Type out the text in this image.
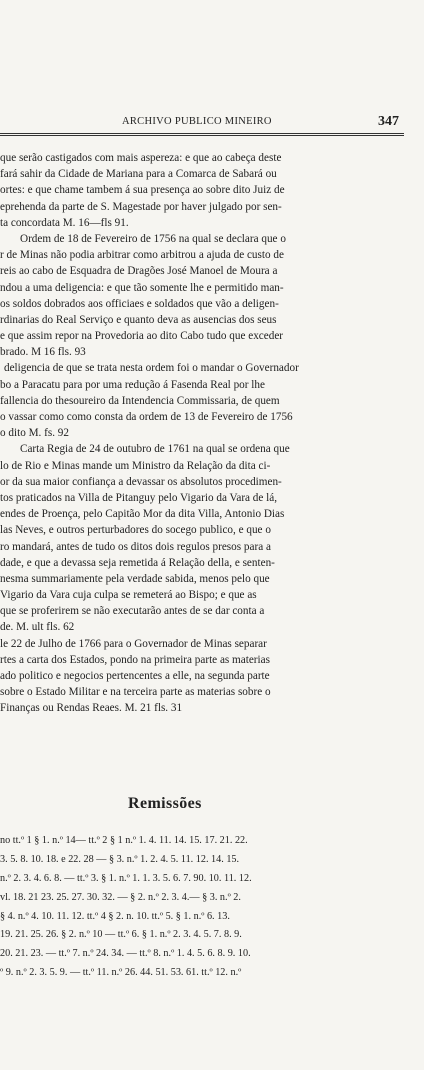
ARCHIVO PUBLICO MINEIRO	347
que serão castigados com mais aspereza: e que ao cabeça deste
fará sahir da Cidade de Mariana para a Comarca de Sabará ou
ortes: e que chame tambem á sua presença ao sobre dito Juiz de
eprehenda da parte de S. Magestade por haver julgado por sen-
ta concordata M. 16—fls 91.
Ordem de 18 de Fevereiro de 1756 na qual se declara que o
r de Minas não podia arbitrar como arbitrou a ajuda de custo de
reis ao cabo de Esquadra de Dragões José Manoel de Moura a
ndou a uma deligencia: e que tão somente lhe e permitido man-
os soldos dobrados aos officiaes e soldados que vão a deligen-
rdinarias do Real Serviço e quanto deva as ausencias dos seus
e que assim repor na Provedoria ao dito Cabo tudo que exceder
brado. M 16 fls. 93
deligencia de que se trata nesta ordem foi o mandar o Governador
bo a Paracatu para por uma redução á Fasenda Real por lhe
fallencia do thesoureiro da Intendencia Commissaria, de quem
o vassar como como consta da ordem de 13 de Fevereiro de 1756
o dito M. fs. 92
Carta Regia de 24 de outubro de 1761 na qual se ordena que
lo de Rio e Minas mande um Ministro da Relação da dita ci-
or da sua maior confiança a devassar os absolutos procedimen-
tos praticados na Villa de Pitanguy pelo Vigario da Vara de lá,
endes de Proença, pelo Capitão Mor da dita Villa, Antonio Dias
las Neves, e outros perturbadores do socego publico, e que o
ro mandará, antes de tudo os ditos dois regulos presos para a
dade, e que a devassa seja remetida á Relação della, e senten-
nesma summariamente pela verdade sabida, menos pelo que
Vigario da Vara cuja culpa se remeterá ao Bispo; e que as
que se proferirem se não executarão antes de se dar conta a
de. M. ult fls. 62
le 22 de Julho de 1766 para o Governador de Minas separar
rtes a carta dos Estados, pondo na primeira parte as materias
ado politico e negocios pertencentes a elle, na segunda parte
sobre o Estado Militar e na terceira parte as materias sobre o
Finanças ou Rendas Reaes. M. 21 fls. 31
Remissões
no tt.º 1 § 1. n.º 14— tt.º 2 § 1 n.º 1. 4. 11. 14. 15. 17. 21. 22.
3. 5. 8. 10. 18. e 22. 28 — § 3. n.º 1. 2. 4. 5. 11. 12. 14. 15.
n.º 2. 3. 4. 6. 8. — tt.º 3. § 1. n.º 1. 1. 3. 5. 6. 7. 90. 10. 11. 12.
vl. 18. 21 23. 25. 27. 30. 32. — § 2. n.º 2. 3. 4.— § 3. n.º 2.
§ 4. n.º 4. 10. 11. 12. tt.º 4 § 2. n. 10. tt.º 5. § 1. n.º 6. 13.
19. 21. 25. 26. § 2. n.º 10 — tt.º 6. § 1. n.º 2. 3. 4. 5. 7. 8. 9.
20. 21. 23. — tt.º 7. n.º 24. 34. — tt.º 8. n.º 1. 4. 5. 6. 8. 9. 10.
º 9. n.º 2. 3. 5. 9. — tt.º 11. n.º 26. 44. 51. 53. 61. tt.º 12. n.º
